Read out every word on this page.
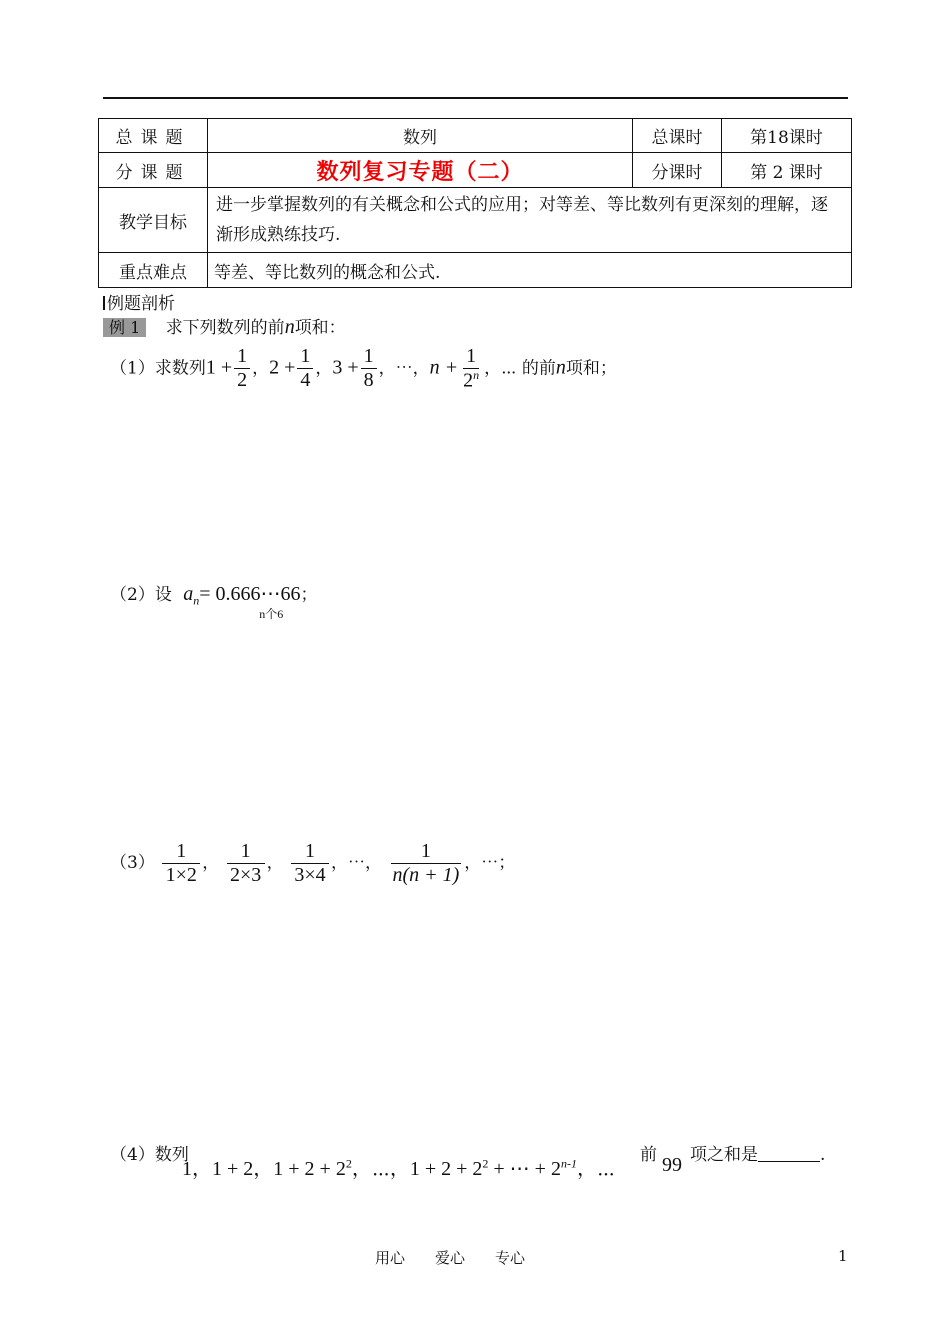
总课题	数列	总课时	第18课时
分课题	数列复习专题（二）	分课时	第 2 课时
教学目标	进一步掌握数列的有关概念和公式的应用；对等差、等比数列有更深刻的理解，逐渐形成熟练技巧.		
重点难点	等差、等比数列的概念和公式.		
例题剖析
例 1 求下列数列的前n项和：
（1）求数列$1 + \frac{1}{2}$ ，$2 + \frac{1}{4}$ ，$3 + \frac{1}{8}$ ，⋯，$n + \frac{1}{2^n}$ ，⋯ 的前n项和；
（2）设 $a_n=$ 0.666⋯66
n个6
；
$(3) \frac{1}{1\times 2}$ ， $\frac{1}{2\times 3}$ ， $\frac{1}{3\times 4}$ ，⋯， $\frac{1}{n(n + 1)}$ ，⋯；
（4）数列
1，1 + 2，$1 + 2 + 2^2$，⋯，$1 + 2 + 2^2$ + ⋯ + $2^{n-1}$，⋯
前 99 项之和是	.
用心　　爱心　　专心	1
